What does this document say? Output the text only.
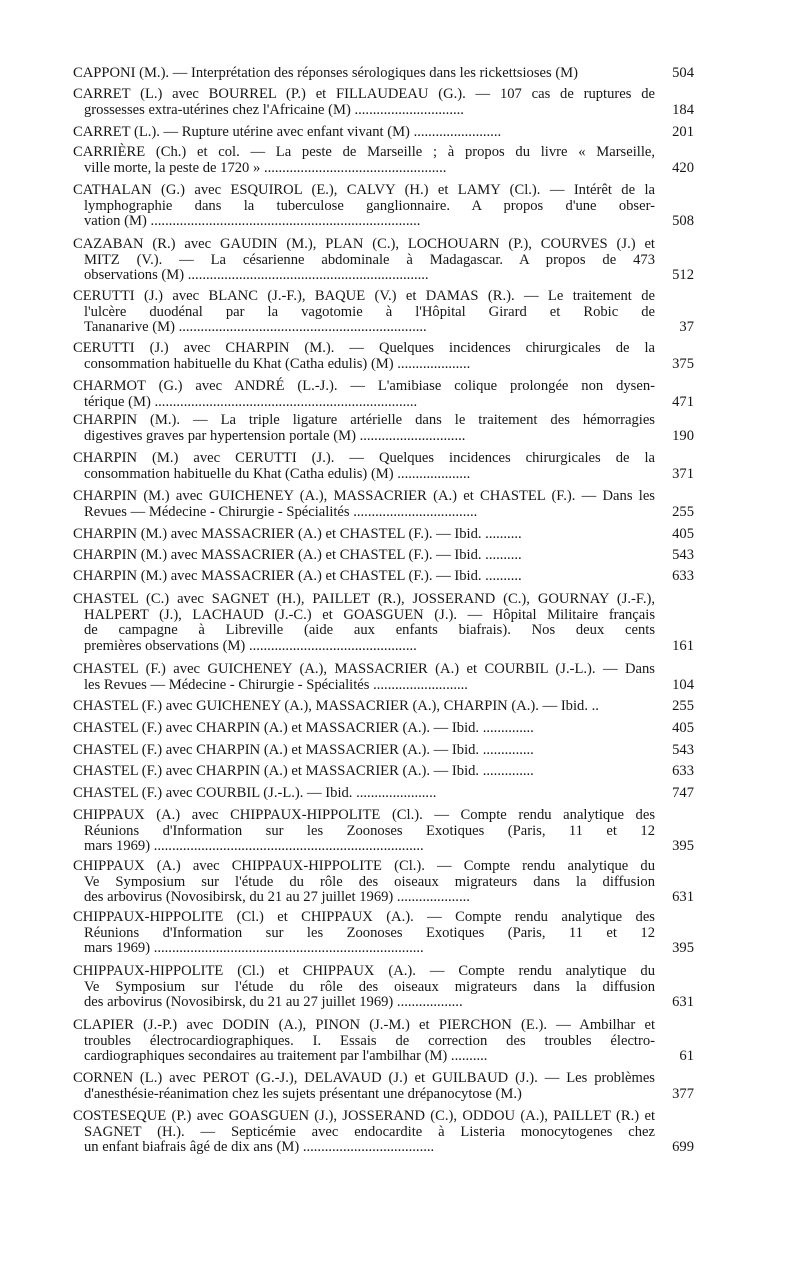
CAPPONI (M.). — Interprétation des réponses sérologiques dans les rickettsioses (M)	504
CARRET (L.) avec BOURREL (P.) et FILLAUDEAU (G.). — 107 cas de ruptures de
grossesses extra-utérines chez l'Africaine (M) ..............................	184
CARRET (L.). — Rupture utérine avec enfant vivant (M) ........................	201
CARRIÈRE (Ch.) et col. — La peste de Marseille ; à propos du livre « Marseille,
ville morte, la peste de 1720 » ..................................................	420
CATHALAN (G.) avec ESQUIROL (E.), CALVY (H.) et LAMY (Cl.). — Intérêt de la
lymphographie dans la tuberculose ganglionnaire. A propos d'une obser-
vation (M) ..........................................................................	508
CAZABAN (R.) avec GAUDIN (M.), PLAN (C.), LOCHOUARN (P.), COURVES (J.) et
MITZ (V.). — La césarienne abdominale à Madagascar. A propos de 473
observations (M) ..................................................................	512
CERUTTI (J.) avec BLANC (J.-F.), BAQUE (V.) et DAMAS (R.). — Le traitement de
l'ulcère duodénal par la vagotomie à l'Hôpital Girard et Robic de
Tananarive (M) ....................................................................	37
CERUTTI (J.) avec CHARPIN (M.). — Quelques incidences chirurgicales de la
consommation habituelle du Khat (Catha edulis) (M) ....................	375
CHARMOT (G.) avec ANDRÉ (L.-J.). — L'amibiase colique prolongée non dysen-
térique (M) ........................................................................	471
CHARPIN (M.). — La triple ligature artérielle dans le traitement des hémorragies
digestives graves par hypertension portale (M) .............................	190
CHARPIN (M.) avec CERUTTI (J.). — Quelques incidences chirurgicales de la
consommation habituelle du Khat (Catha edulis) (M) ....................	371
CHARPIN (M.) avec GUICHENEY (A.), MASSACRIER (A.) et CHASTEL (F.). — Dans les
Revues — Médecine - Chirurgie - Spécialités ..................................	255
CHARPIN (M.) avec MASSACRIER (A.) et CHASTEL (F.). — Ibid. ..........	405
CHARPIN (M.) avec MASSACRIER (A.) et CHASTEL (F.). — Ibid. ..........	543
CHARPIN (M.) avec MASSACRIER (A.) et CHASTEL (F.). — Ibid. ..........	633
CHASTEL (C.) avec SAGNET (H.), PAILLET (R.), JOSSERAND (C.), GOURNAY (J.-F.),
HALPERT (J.), LACHAUD (J.-C.) et GOASGUEN (J.). — Hôpital Militaire français
de campagne à Libreville (aide aux enfants biafrais). Nos deux cents
premières observations (M) ..............................................	161
CHASTEL (F.) avec GUICHENEY (A.), MASSACRIER (A.) et COURBIL (J.-L.). — Dans
les Revues — Médecine - Chirurgie - Spécialités ..........................	104
CHASTEL (F.) avec GUICHENEY (A.), MASSACRIER (A.), CHARPIN (A.). — Ibid. ..	255
CHASTEL (F.) avec CHARPIN (A.) et MASSACRIER (A.). — Ibid. ..............	405
CHASTEL (F.) avec CHARPIN (A.) et MASSACRIER (A.). — Ibid. ..............	543
CHASTEL (F.) avec CHARPIN (A.) et MASSACRIER (A.). — Ibid. ..............	633
CHASTEL (F.) avec COURBIL (J.-L.). — Ibid. ......................	747
CHIPPAUX (A.) avec CHIPPAUX-HIPPOLITE (Cl.). — Compte rendu analytique des
Réunions d'Information sur les Zoonoses Exotiques (Paris, 11 et 12
mars 1969) ..........................................................................	395
CHIPPAUX (A.) avec CHIPPAUX-HIPPOLITE (Cl.). — Compte rendu analytique du
Ve Symposium sur l'étude du rôle des oiseaux migrateurs dans la diffusion
des arbovirus (Novosibirsk, du 21 au 27 juillet 1969) ....................	631
CHIPPAUX-HIPPOLITE (Cl.) et CHIPPAUX (A.). — Compte rendu analytique des
Réunions d'Information sur les Zoonoses Exotiques (Paris, 11 et 12
mars 1969) ..........................................................................	395
CHIPPAUX-HIPPOLITE (Cl.) et CHIPPAUX (A.). — Compte rendu analytique du
Ve Symposium sur l'étude du rôle des oiseaux migrateurs dans la diffusion
des arbovirus (Novosibirsk, du 21 au 27 juillet 1969) ..................	631
CLAPIER (J.-P.) avec DODIN (A.), PINON (J.-M.) et PIERCHON (E.). — Ambilhar et
troubles électrocardiographiques. I. Essais de correction des troubles électro-
cardiographiques secondaires au traitement par l'ambilhar (M) ..........	61
CORNEN (L.) avec PEROT (G.-J.), DELAVAUD (J.) et GUILBAUD (J.). — Les problèmes
d'anesthésie-réanimation chez les sujets présentant une drépanocytose (M.)	377
COSTESEQUE (P.) avec GOASGUEN (J.), JOSSERAND (C.), ODDOU (A.), PAILLET (R.) et
SAGNET (H.). — Septicémie avec endocardite à Listeria monocytogenes chez
un enfant biafrais âgé de dix ans (M) ....................................	699
